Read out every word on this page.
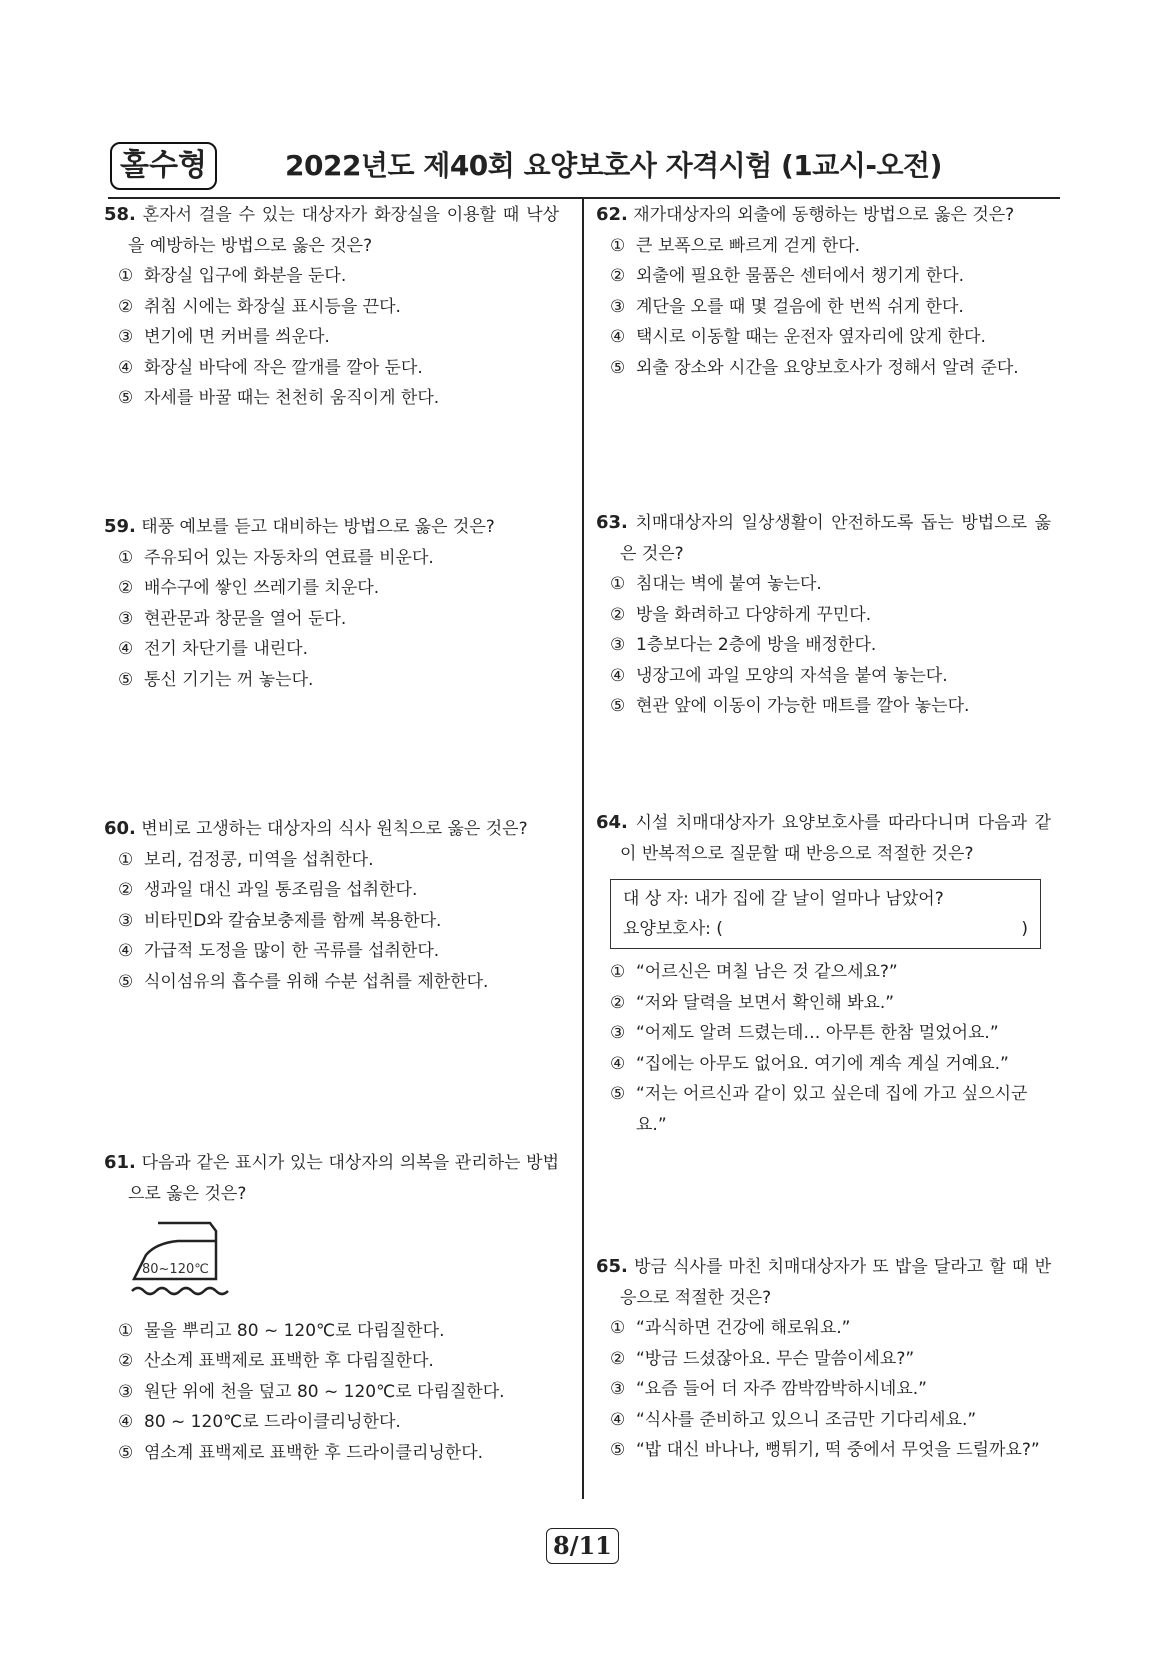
홀수형	2022년도 제40회 요양보호사 자격시험 (1교시-오전)
58. 혼자서 걸을 수 있는 대상자가 화장실을 이용할 때 낙상을 예방하는 방법으로 옳은 것은?
① 화장실 입구에 화분을 둔다.
② 취침 시에는 화장실 표시등을 끈다.
③ 변기에 면 커버를 씌운다.
④ 화장실 바닥에 작은 깔개를 깔아 둔다.
⑤ 자세를 바꿀 때는 천천히 움직이게 한다.
59. 태풍 예보를 듣고 대비하는 방법으로 옳은 것은?
① 주유되어 있는 자동차의 연료를 비운다.
② 배수구에 쌓인 쓰레기를 치운다.
③ 현관문과 창문을 열어 둔다.
④ 전기 차단기를 내린다.
⑤ 통신 기기는 꺼 놓는다.
60. 변비로 고생하는 대상자의 식사 원칙으로 옳은 것은?
① 보리, 검정콩, 미역을 섭취한다.
② 생과일 대신 과일 통조림을 섭취한다.
③ 비타민D와 칼슘보충제를 함께 복용한다.
④ 가급적 도정을 많이 한 곡류를 섭취한다.
⑤ 식이섬유의 흡수를 위해 수분 섭취를 제한한다.
61. 다음과 같은 표시가 있는 대상자의 의복을 관리하는 방법으로 옳은 것은?
80~120℃
① 물을 뿌리고 80 ~ 120℃로 다림질한다.
② 산소계 표백제로 표백한 후 다림질한다.
③ 원단 위에 천을 덮고 80 ~ 120℃로 다림질한다.
④ 80 ~ 120℃로 드라이클리닝한다.
⑤ 염소계 표백제로 표백한 후 드라이클리닝한다.
62. 재가대상자의 외출에 동행하는 방법으로 옳은 것은?
① 큰 보폭으로 빠르게 걷게 한다.
② 외출에 필요한 물품은 센터에서 챙기게 한다.
③ 계단을 오를 때 몇 걸음에 한 번씩 쉬게 한다.
④ 택시로 이동할 때는 운전자 옆자리에 앉게 한다.
⑤ 외출 장소와 시간을 요양보호사가 정해서 알려 준다.
63. 치매대상자의 일상생활이 안전하도록 돕는 방법으로 옳은 것은?
① 침대는 벽에 붙여 놓는다.
② 방을 화려하고 다양하게 꾸민다.
③ 1층보다는 2층에 방을 배정한다.
④ 냉장고에 과일 모양의 자석을 붙여 놓는다.
⑤ 현관 앞에 이동이 가능한 매트를 깔아 놓는다.
64. 시설 치매대상자가 요양보호사를 따라다니며 다음과 같이 반복적으로 질문할 때 반응으로 적절한 것은?
대 상 자: 내가 집에 갈 날이 얼마나 남았어?
요양보호사: (	)
① “어르신은 며칠 남은 것 같으세요?”
② “저와 달력을 보면서 확인해 봐요.”
③ “어제도 알려 드렸는데… 아무튼 한참 멀었어요.”
④ “집에는 아무도 없어요. 여기에 계속 계실 거예요.”
⑤ “저는 어르신과 같이 있고 싶은데 집에 가고 싶으시군요.”
65. 방금 식사를 마친 치매대상자가 또 밥을 달라고 할 때 반응으로 적절한 것은?
① “과식하면 건강에 해로워요.”
② “방금 드셨잖아요. 무슨 말씀이세요?”
③ “요즘 들어 더 자주 깜박깜박하시네요.”
④ “식사를 준비하고 있으니 조금만 기다리세요.”
⑤ “밥 대신 바나나, 뻥튀기, 떡 중에서 무엇을 드릴까요?”
8/11
